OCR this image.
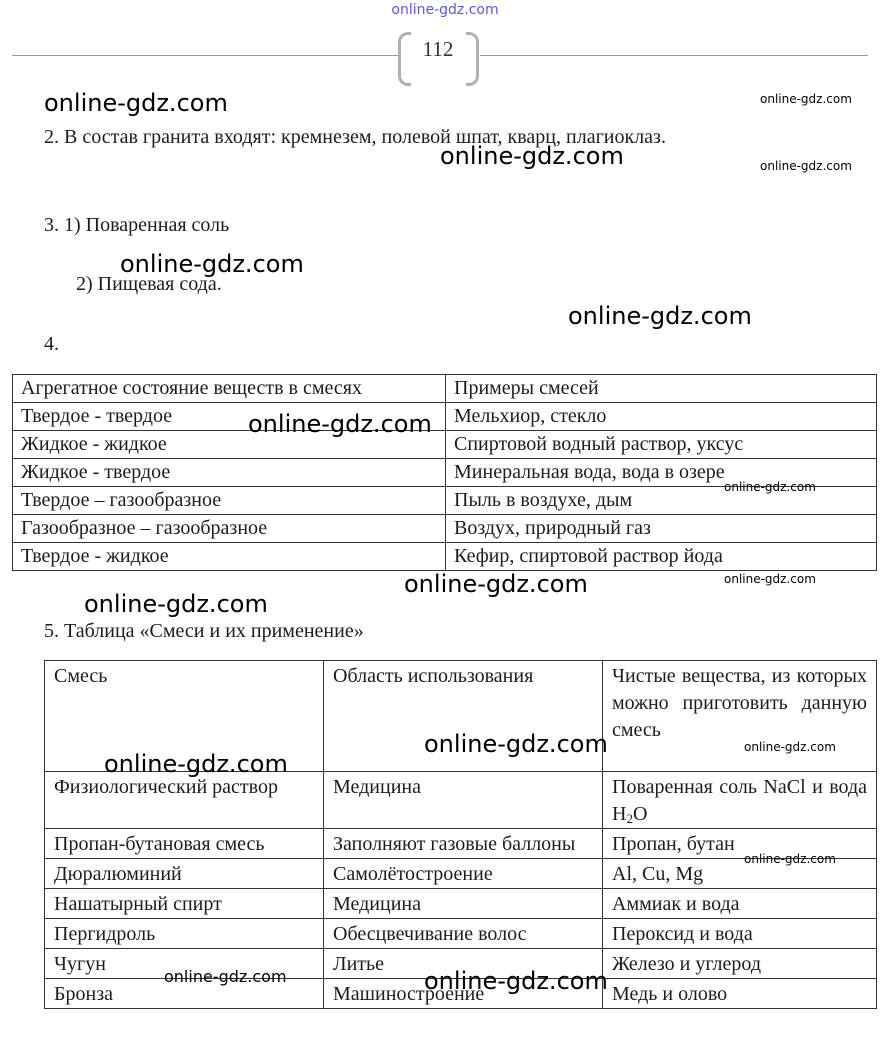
online-gdz.com
112
2. В состав гранита входят: кремнезем, полевой шпат, кварц, плагиоклаз.
3. 1) Поваренная соль
2) Пищевая сода.
4.
5. Таблица «Смеси и их применение»
Агрегатное состояние веществ в смесях	Примеры смесей
Твердое - твердое	Мельхиор, стекло
Жидкое - жидкое	Спиртовой водный раствор, уксус
Жидкое - твердое	Минеральная вода, вода в озере
Твердое – газообразное	Пыль в воздухе, дым
Газообразное – газообразное	Воздух, природный газ
Твердое - жидкое	Кефир, спиртовой раствор йода
Смесь	Область использования	Чистые вещества, из которых можно приготовить данную смесь
Физиологический раствор	Медицина	Поваренная соль NaCl и вода $H_2O$
Пропан-бутановая смесь	Заполняют газовые баллоны	Пропан, бутан
Дюралюминий	Самолётостроение	Al, Cu, Mg
Нашатырный спирт	Медицина	Аммиак и вода
Пергидроль	Обесцвечивание волос	Пероксид и вода
Чугун	Литье	Железо и углерод
Бронза	Машиностроение	Медь и олово
online-gdz.com	online-gdz.com
online-gdz.com	online-gdz.com
online-gdz.com
online-gdz.com
online-gdz.com
online-gdz.com
online-gdz.com	online-gdz.com
online-gdz.com
online-gdz.com	online-gdz.com
online-gdz.com
online-gdz.com
online-gdz.com	online-gdz.com
